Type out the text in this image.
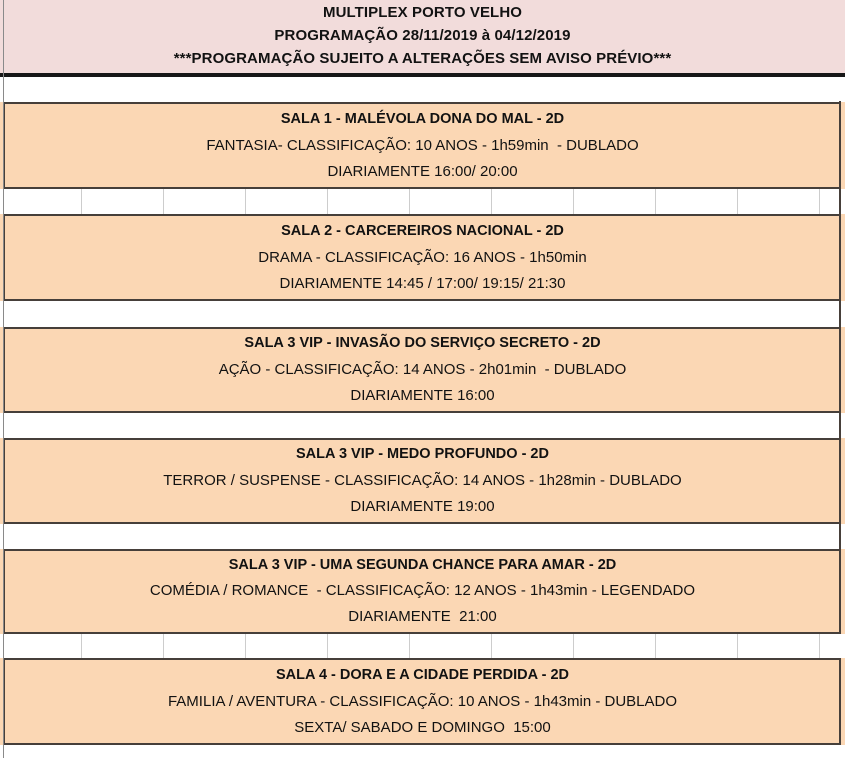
MULTIPLEX PORTO VELHO
PROGRAMAÇÃO 28/11/2019 à 04/12/2019
***PROGRAMAÇÃO SUJEITO A ALTERAÇÕES SEM AVISO PRÉVIO***
SALA 1 - MALÉVOLA DONA DO MAL - 2D
FANTASIA- CLASSIFICAÇÃO: 10 ANOS - 1h59min  - DUBLADO
DIARIAMENTE 16:00/ 20:00
SALA 2 - CARCEREIROS NACIONAL - 2D
DRAMA - CLASSIFICAÇÃO: 16 ANOS - 1h50min
DIARIAMENTE 14:45 / 17:00/ 19:15/ 21:30
SALA 3 VIP - INVASÃO DO SERVIÇO SECRETO - 2D
AÇÃO - CLASSIFICAÇÃO: 14 ANOS - 2h01min  - DUBLADO
DIARIAMENTE 16:00
SALA 3 VIP - MEDO PROFUNDO - 2D
TERROR / SUSPENSE - CLASSIFICAÇÃO: 14 ANOS - 1h28min - DUBLADO
DIARIAMENTE 19:00
SALA 3 VIP - UMA SEGUNDA CHANCE PARA AMAR - 2D
COMÉDIA / ROMANCE  - CLASSIFICAÇÃO: 12 ANOS - 1h43min - LEGENDADO
DIARIAMENTE  21:00
SALA 4 - DORA E A CIDADE PERDIDA - 2D
FAMILIA / AVENTURA - CLASSIFICAÇÃO: 10 ANOS - 1h43min - DUBLADO
SEXTA/ SABADO E DOMINGO  15:00
